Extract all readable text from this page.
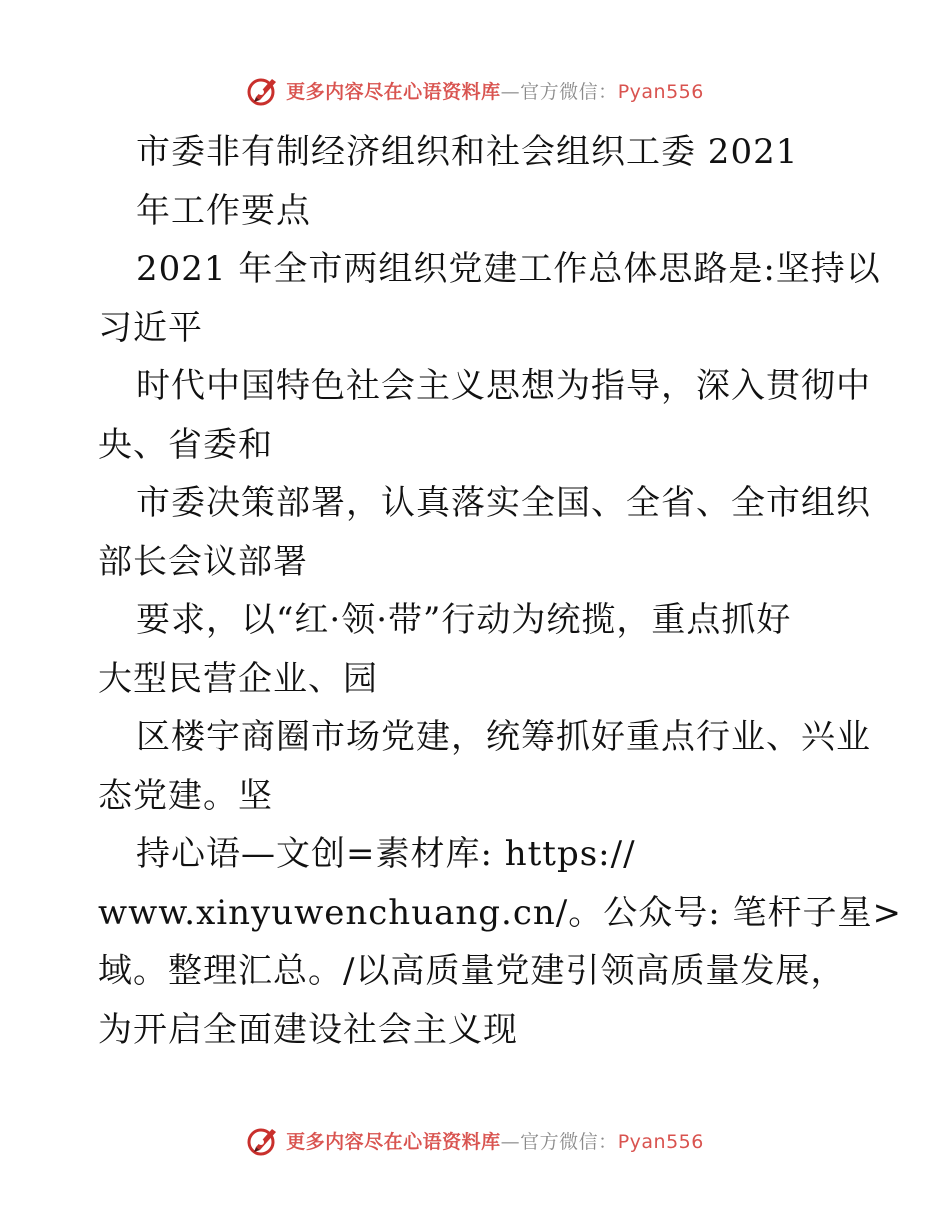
更多内容尽在心语资料库—官方微信：Pyan556
市委非有制经济组织和社会组织工委 2021
年工作要点
2021 年全市两组织党建工作总体思路是:坚持以
习近平
时代中国特色社会主义思想为指导，深入贯彻中
央、省委和
市委决策部署，认真落实全国、全省、全市组织
部长会议部署
要求，以“红·领·带”行动为统揽，重点抓好
大型民营企业、园
区楼宇商圈市场党建，统筹抓好重点行业、兴业
态党建。坚
持心语—文创=素材库: https://
www.xinyuwenchuang.cn/。公众号: 笔杆子星>
域。整理汇总。/以高质量党建引领高质量发展，
为开启全面建设社会主义现
更多内容尽在心语资料库—官方微信：Pyan556
